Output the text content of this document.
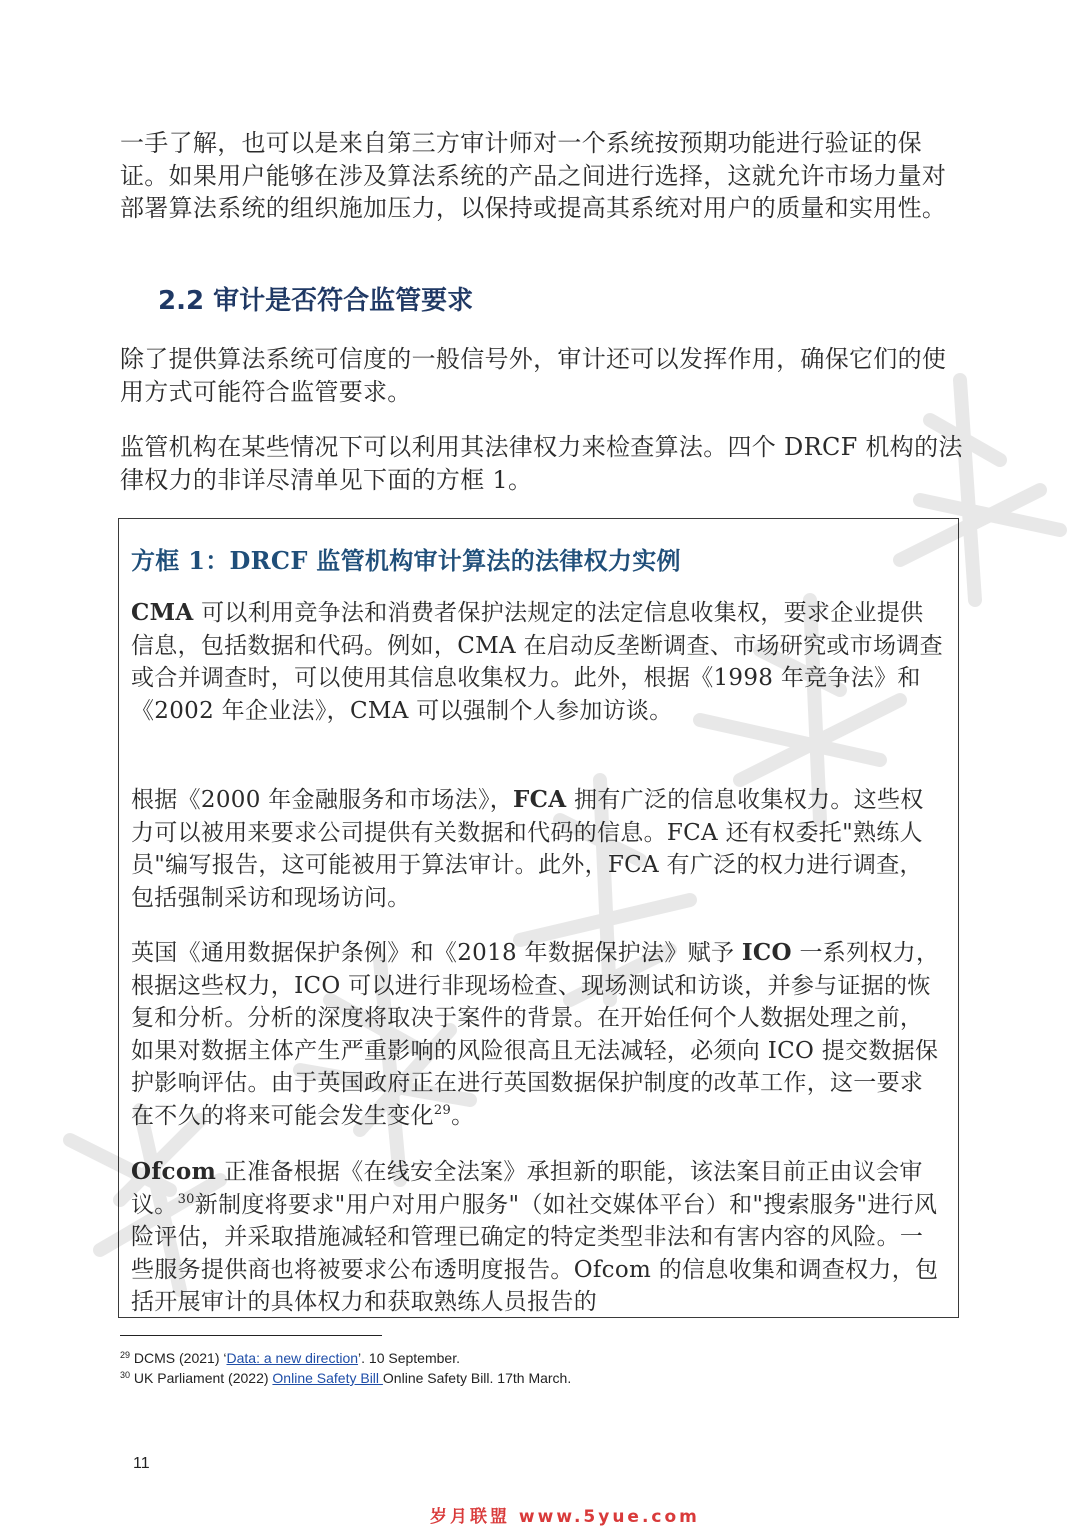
一手了解，也可以是来自第三方审计师对一个系统按预期功能进行验证的保证。如果用户能够在涉及算法系统的产品之间进行选择，这就允许市场力量对部署算法系统的组织施加压力，以保持或提高其系统对用户的质量和实用性。

2.2 审计是否符合监管要求

除了提供算法系统可信度的一般信号外，审计还可以发挥作用，确保它们的使用方式可能符合监管要求。

监管机构在某些情况下可以利用其法律权力来检查算法。四个 DRCF 机构的法律权力的非详尽清单见下面的方框 1。

方框 1：DRCF 监管机构审计算法的法律权力实例

CMA 可以利用竞争法和消费者保护法规定的法定信息收集权，要求企业提供信息，包括数据和代码。例如，CMA 在启动反垄断调查、市场研究或市场调查或合并调查时，可以使用其信息收集权力。此外，根据《1998 年竞争法》和《2002 年企业法》，CMA 可以强制个人参加访谈。

根据《2000 年金融服务和市场法》，FCA 拥有广泛的信息收集权力。这些权力可以被用来要求公司提供有关数据和代码的信息。FCA 还有权委托"熟练人员"编写报告，这可能被用于算法审计。此外，FCA 有广泛的权力进行调查，包括强制采访和现场访问。

英国《通用数据保护条例》和《2018 年数据保护法》赋予 ICO 一系列权力，根据这些权力，ICO 可以进行非现场检查、现场测试和访谈，并参与证据的恢复和分析。分析的深度将取决于案件的背景。在开始任何个人数据处理之前，如果对数据主体产生严重影响的风险很高且无法减轻，必须向 ICO 提交数据保护影响评估。由于英国政府正在进行英国数据保护制度的改革工作，这一要求在不久的将来可能会发生变化$^{29}$。

Ofcom 正准备根据《在线安全法案》承担新的职能，该法案目前正由议会审议。$^{30}$新制度将要求"用户对用户服务"（如社交媒体平台）和"搜索服务"进行风险评估，并采取措施减轻和管理已确定的特定类型非法和有害内容的风险。一些服务提供商也将被要求公布透明度报告。Ofcom 的信息收集和调查权力，包括开展审计的具体权力和获取熟练人员报告的

$^{29}$ DCMS (2021) ‘Data: a new direction’. 10 September.

$^{30}$ UK Parliament (2022) Online Safety Bill Online Safety Bill. 17th March.

11

岁月联盟 www.5yue.com
